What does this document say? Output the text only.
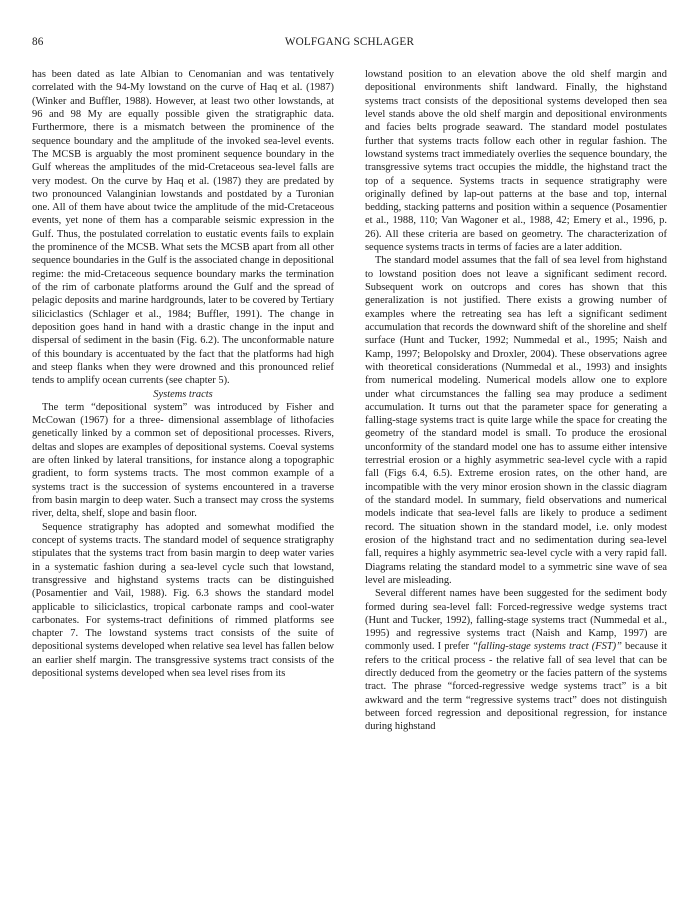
86	WOLFGANG SCHLAGER

has been dated as late Albian to Cenomanian and was tentatively correlated with the 94-My lowstand on the curve of Haq et al. (1987) (Winker and Buffler, 1988). However, at least two other lowstands, at 96 and 98 My are equally possible given the stratigraphic data. Furthermore, there is a mismatch between the prominence of the sequence boundary and the amplitude of the invoked sea-level events. The MCSB is arguably the most prominent sequence boundary in the Gulf whereas the amplitudes of the mid-Cretaceous sea-level falls are very modest. On the curve by Haq et al. (1987) they are predated by two pronounced Valanginian lowstands and postdated by a Turonian one. All of them have about twice the amplitude of the mid-Cretaceous events, yet none of them has a comparable seismic expression in the Gulf. Thus, the postulated correlation to eustatic events fails to explain the prominence of the MCSB. What sets the MCSB apart from all other sequence boundaries in the Gulf is the associated change in depositional regime: the mid-Cretaceous sequence boundary marks the termination of the rim of carbonate platforms around the Gulf and the spread of pelagic deposits and marine hardgrounds, later to be covered by Tertiary siliciclastics (Schlager et al., 1984; Buffler, 1991). The change in deposition goes hand in hand with a drastic change in the input and dispersal of sediment in the basin (Fig. 6.2). The unconformable nature of this boundary is accentuated by the fact that the platforms had high and steep flanks when they were drowned and this pronounced relief tends to amplify ocean currents (see chapter 5).

Systems tracts

The term “depositional system” was introduced by Fisher and McCowan (1967) for a three- dimensional assemblage of lithofacies genetically linked by a common set of depositional processes. Rivers, deltas and slopes are examples of depositional systems. Coeval systems are often linked by lateral transitions, for instance along a topographic gradient, to form systems tracts. The most common example of a systems tract is the succession of systems encountered in a traverse from basin margin to deep water. Such a transect may cross the systems river, delta, shelf, slope and basin floor.

Sequence stratigraphy has adopted and somewhat modified the concept of systems tracts. The standard model of sequence stratigraphy stipulates that the systems tract from basin margin to deep water varies in a systematic fashion during a sea-level cycle such that lowstand, transgressive and highstand systems tracts can be distinguished (Posamentier and Vail, 1988). Fig. 6.3 shows the standard model applicable to siliciclastics, tropical carbonate ramps and cool-water carbonates. For systems-tract definitions of rimmed platforms see chapter 7. The lowstand systems tract consists of the suite of depositional systems developed when relative sea level has fallen below an earlier shelf margin. The transgressive systems tract consists of the depositional systems developed when sea level rises from its

lowstand position to an elevation above the old shelf margin and depositional environments shift landward. Finally, the highstand systems tract consists of the depositional systems developed then sea level stands above the old shelf margin and depositional environments and facies belts prograde seaward. The standard model postulates further that systems tracts follow each other in regular fashion. The lowstand systems tract immediately overlies the sequence boundary, the transgressive sytems tract occupies the middle, the highstand tract the top of a sequence. Systems tracts in sequence stratigraphy were originally defined by lap-out patterns at the base and top, internal bedding, stacking patterns and position within a sequence (Posamentier et al., 1988, 110; Van Wagoner et al., 1988, 42; Emery et al., 1996, p. 26). All these criteria are based on geometry. The characterization of sequence systems tracts in terms of facies are a later addition.

The standard model assumes that the fall of sea level from highstand to lowstand position does not leave a significant sediment record. Subsequent work on outcrops and cores has shown that this generalization is not justified. There exists a growing number of examples where the retreating sea has left a significant sediment accumulation that records the downward shift of the shoreline and shelf surface (Hunt and Tucker, 1992; Nummedal et al., 1995; Naish and Kamp, 1997; Belopolsky and Droxler, 2004). These observations agree with theoretical considerations (Nummedal et al., 1993) and insights from numerical modeling. Numerical models allow one to explore under what circumstances the falling sea may produce a sediment accumulation. It turns out that the parameter space for generating a falling-stage systems tract is quite large while the space for creating the geometry of the standard model is small. To produce the erosional unconformity of the standard model one has to assume either intensive terrestrial erosion or a highly asymmetric sea-level cycle with a rapid fall (Figs 6.4, 6.5). Extreme erosion rates, on the other hand, are incompatible with the very minor erosion shown in the classic diagram of the standard model. In summary, field observations and numerical models indicate that sea-level falls are likely to produce a sediment record. The situation shown in the standard model, i.e. only modest erosion of the highstand tract and no sedimentation during sea-level fall, requires a highly asymmetric sea-level cycle with a very rapid fall. Diagrams relating the standard model to a symmetric sine wave of sea level are misleading.

Several different names have been suggested for the sediment body formed during sea-level fall: Forced-regressive wedge systems tract (Hunt and Tucker, 1992), falling-stage systems tract (Nummedal et al., 1995) and regressive systems tract (Naish and Kamp, 1997) are commonly used. I prefer “falling-stage systems tract (FST)” because it refers to the critical process - the relative fall of sea level that can be directly deduced from the geometry or the facies pattern of the systems tract. The phrase “forced-regressive wedge systems tract” is a bit awkward and the term “regressive systems tract” does not distinguish between forced regression and depositional regression, for instance during highstand
